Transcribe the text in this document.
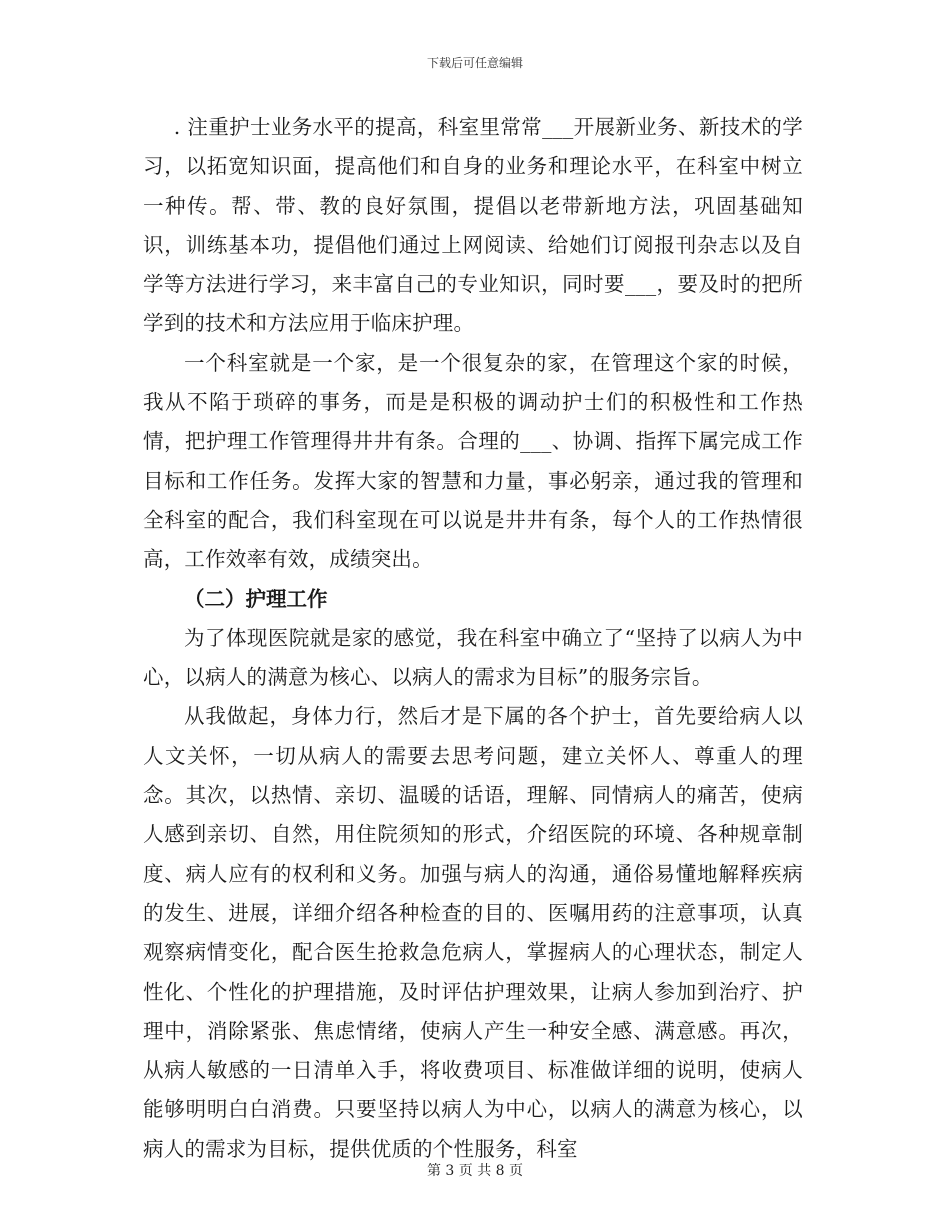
下载后可任意编辑

. 注重护士业务水平的提高，科室里常常___开展新业务、新技术的学习，以拓宽知识面，提高他们和自身的业务和理论水平，在科室中树立一种传。帮、带、教的良好氛围，提倡以老带新地方法，巩固基础知识，训练基本功，提倡他们通过上网阅读、给她们订阅报刊杂志以及自学等方法进行学习，来丰富自己的专业知识，同时要___，要及时的把所学到的技术和方法应用于临床护理。

一个科室就是一个家，是一个很复杂的家，在管理这个家的时候，我从不陷于琐碎的事务，而是是积极的调动护士们的积极性和工作热情，把护理工作管理得井井有条。合理的___、协调、指挥下属完成工作目标和工作任务。发挥大家的智慧和力量，事必躬亲，通过我的管理和全科室的配合，我们科室现在可以说是井井有条，每个人的工作热情很高，工作效率有效，成绩突出。

（二）护理工作

为了体现医院就是家的感觉，我在科室中确立了“坚持了以病人为中心，以病人的满意为核心、以病人的需求为目标”的服务宗旨。

从我做起，身体力行，然后才是下属的各个护士，首先要给病人以人文关怀，一切从病人的需要去思考问题，建立关怀人、尊重人的理念。其次，以热情、亲切、温暖的话语，理解、同情病人的痛苦，使病人感到亲切、自然，用住院须知的形式，介绍医院的环境、各种规章制度、病人应有的权利和义务。加强与病人的沟通，通俗易懂地解释疾病的发生、进展，详细介绍各种检查的目的、医嘱用药的注意事项，认真观察病情变化，配合医生抢救急危病人，掌握病人的心理状态，制定人性化、个性化的护理措施，及时评估护理效果，让病人参加到治疗、护理中，消除紧张、焦虑情绪，使病人产生一种安全感、满意感。再次，从病人敏感的一日清单入手，将收费项目、标准做详细的说明，使病人能够明明白白消费。只要坚持以病人为中心，以病人的满意为核心，以病人的需求为目标，提供优质的个性服务，科室

第 3 页 共 8 页
